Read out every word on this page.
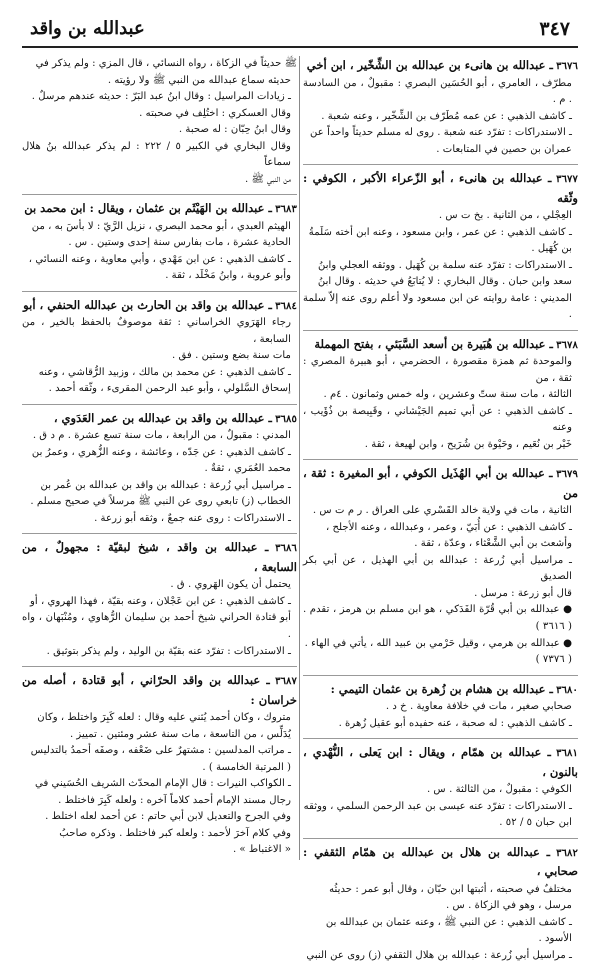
٣٤٧
عبدالله بن واقد

٣٦٧٦ ـ عبدالله بن هانىء بن عبدالله بن الشِّخّير ، ابن أخي

مطرّف ، العامري ، أبو الحُسَين البصري : مقبولٌ ، من السادسة . م .

ـ كاشف الذهبي : عن عمه مُطَرّف بن الشِّخّير ، وعنه شعبة .

ـ الاستدراكات : تفرّد عنه شعبة . روى له مسلم حديثاً واحداً عن

عمران بن حصين في المتابعات .

٣٦٧٧ ـ عبدالله بن هانىء ، أبو الزّعراء الأكبر ، الكوفي : وثّقه

العِجْلي ، من الثانية . بخ ت س .

ـ كاشف الذهبي : عن عمر ، وابن مسعود ، وعنه ابن أخته سَلَمةُ

بن كُهَيل .

ـ الاستدراكات : تفرّد عنه سلمة بن كُهَيل . ووثقه العجلي وابنُ

سعد وابن حبان . وقال البخاري : لا يُتابَعُ في حديثه . وقال ابنُ

المديني : عامة روايته عن ابن مسعود ولا أعلم روى عنه إلاّ سلمة .

٣٦٧٨ ـ عبدالله بن هُبَيرة بن أسعد السَّبَئي ، بفتح المهملة

والموحدة ثم همزة مقصورة ، الحضرمي ، أبو هبيرة المصري : ثقة ، من

الثالثة ، مات سنة ستّ وعشرين ، وله خمس وثمانون . ٤م .

ـ كاشف الذهبي : عن أبي تميم الجَيْشاني ، وقَبِيصة بن ذُؤَيب ، وعنه

خَيْر بن نُعَيم ، وحَيْوة بن شُرَيح ، وابن لهيعة ، ثقة .

٣٦٧٩ ـ عبدالله بن أبي الهُذَيل الكوفي ، أبو المغيرة : ثقة ، من

الثانية ، مات في ولاية خالد القَسْري على العراق . ر م ت س .

ـ كاشف الذهبي : عن أُبَيّ ، وعمر ، وعبدالله ، وعنه الأجلح ،

وأشعث بن أبي الشَّعْثاء ، وعدّة ، ثقة .

ـ مراسيل أبي زُرعة : عبدالله بن أبي الهذيل ، عن أبي بكر الصديق

قال أبو زرعة : مرسل .

● عبدالله بن أبي قُرّة الفَدَكي ، هو ابن مسلم بن هرمز ، تقدم . ( ٣٦١٦ )

● عبدالله بن هرمي ، وقيل حَرْمي بن عبيد الله ، يأتي في الهاء .

( ٧٣٧٦ )

٣٦٨٠ ـ عبدالله بن هشام بن زُهرة بن عثمان التيمي :

صحابي صغير ، مات في خلافة معاوية . خ د .

ـ كاشف الذهبي : له صحبة ، عنه حفيده أبو عقيل زُهرة .

٣٦٨١ ـ عبدالله بن همّام ، ويقال : ابن يَعلى ، النُّهْدي ، بالنون ،

الكوفي : مقبولٌ ، من الثالثة . س .

ـ الاستدراكات : تفرّد عنه عيسى بن عبد الرحمن السلمي ، ووثقه

ابن حبان ٥ / ٥٢ .

٣٦٨٢ ـ عبدالله بن هلال بن عبدالله بن همّام الثقفي : صحابي ،

مختلفٌ في صحبته ، أثبتها ابن حبّان ، وقال أبو عمر : حديثُه

مرسل ، وهو في الزكاة . س .

ـ كاشف الذهبي : عن النبي ﷺ ، وعنه عثمان بن عبدالله بن

الأسود .

ـ مراسيل أبي زُرعة : عبدالله بن هلال الثقفي (ز) روى عن النبي

ﷺ حديثاً في الزكاة ، رواه النسائي ، قال المزي : ولم يذكر في

حديثه سماع عبدالله من النبي ﷺ ولا رؤيته .

ـ زيادات المراسيل : وقال ابنُ عبد البَرّ : حديثه عندهم مرسلٌ .

وقال العسكري : اختُلِف في صحبته .

وقال ابنُ حِبّان : له صحبة .

وقال البخاري في الكبير ٥ / ٢٢٢ : لم يذكر عبدالله بنُ هلال سماعاً

من النبي ﷺ .

٣٦٨٣ ـ عبدالله بن الهَيْثَم بن عثمان ، ويقال : ابن محمد بن

الهيثم العبدي ، أبو محمد البصري ، نزيل الرَّيّ : لا بأسَ به ، من

الحادية عشرة ، مات بفارس سنة إحدى وستين . س .

ـ كاشف الذهبي : عن ابن مَهْدي ، وأبي معاوية ، وعنه النسائي ،

وأبو عروبة ، وابنُ مَخْلَد ، ثقة .

٣٦٨٤ ـ عبدالله بن واقد بن الحارث بن عبدالله الحنفي ، أبو

رجاء الهَرَوي الخراساني : ثقة موصوفٌ بالحفظ بالخير ، من السابعة ،

مات سنة بضع وستين . فق .

ـ كاشف الذهبي : عن محمد بن مالك ، وزبيد الرُّقاشي ، وعنه

إسحاق السَّلولي ، وأبو عبد الرحمن المقرىء ، وثّقه أحمد .

٣٦٨٥ ـ عبدالله بن واقد بن عبدالله بن عمر العَدَوي ،

المدني : مقبولٌ ، من الرابعة ، مات سنة تسع عشرة . م د ق .

ـ كاشف الذهبي : عن جَدّه ، وعائشة ، وعنه الزُّهري ، وعمرُ بن

محمد العُمَري ، ثقةٌ .

ـ مراسيل أبي زُرعة : عبدالله بن واقد بن عبدالله بن عُمر بن

الخطاب (ز) تابعي روى عن النبي ﷺ مرسلاً في صحيح مسلم .

ـ الاستدراكات : روى عنه جمعٌ ، وثقه أبو زرعة .

٣٦٨٦ ـ عبدالله بن واقد ، شيخ لبقيّة : مجهولٌ ، من السابعة ،

يحتمل أن يكون الهَروي . ق .

ـ كاشف الذهبي : عن ابن عَجْلان ، وعنه بقيّة ، فهذا الهروي ، أو

أبو قتادة الحراني شيخ أحمد بن سليمان الرُّهاوي ، ومُنْبَهان ، واه .

ـ الاستدراكات : تفرّد عنه بقيّة بن الوليد ، ولم يذكر بتوثيق .

٣٦٨٧ ـ عبدالله بن واقد الحرّاني ، أبو قتادة ، أصله من خراسان :

متروك ، وكان أحمد يُثني عليه وقال : لعله كَبِرَ واختلط ، وكان

يُدَلِّس ، من التاسعة ، مات سنة عشر ومئتين . تمييز .

ـ مراتب المدلسين : مشتهرٌ على ضَعْفه ، وصفَه أحمدُ بالتدليس

( المرتبة الخامسة ) .

ـ الكواكب النيرات : قال الإمام المحدّث الشريف الحُسَيني في

رجال مسند الإمام أحمد كلاماً آخره : ولعله كَبِرَ فاختلط .

وفي الجرح والتعديل لابن أبي حاتم : عن أحمد لعله اختلط .

وفي كلام آخرَ لأحمد : ولعله كبر فاختلط . وذكره صاحبُ

« الاغتباط » .
